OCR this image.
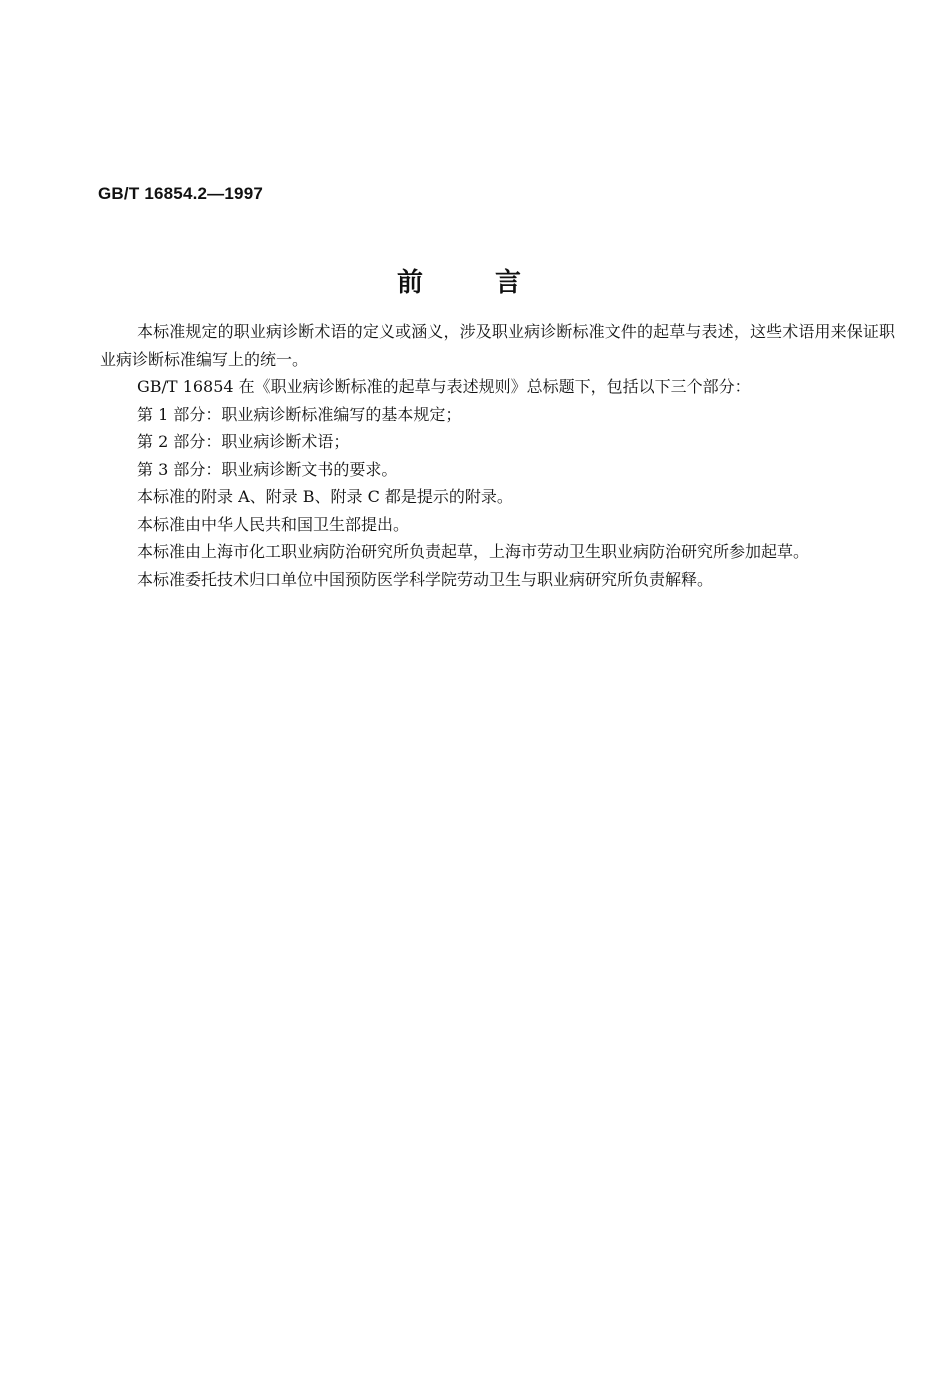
GB/T 16854.2—1997
前言

本标准规定的职业病诊断术语的定义或涵义，涉及职业病诊断标准文件的起草与表述，这些术语用来保证职业病诊断标准编写上的统一。

GB/T 16854 在《职业病诊断标准的起草与表述规则》总标题下，包括以下三个部分：

第 1 部分：职业病诊断标准编写的基本规定；

第 2 部分：职业病诊断术语；

第 3 部分：职业病诊断文书的要求。

本标准的附录 A、附录 B、附录 C 都是提示的附录。

本标准由中华人民共和国卫生部提出。

本标准由上海市化工职业病防治研究所负责起草，上海市劳动卫生职业病防治研究所参加起草。

本标准委托技术归口单位中国预防医学科学院劳动卫生与职业病研究所负责解释。
